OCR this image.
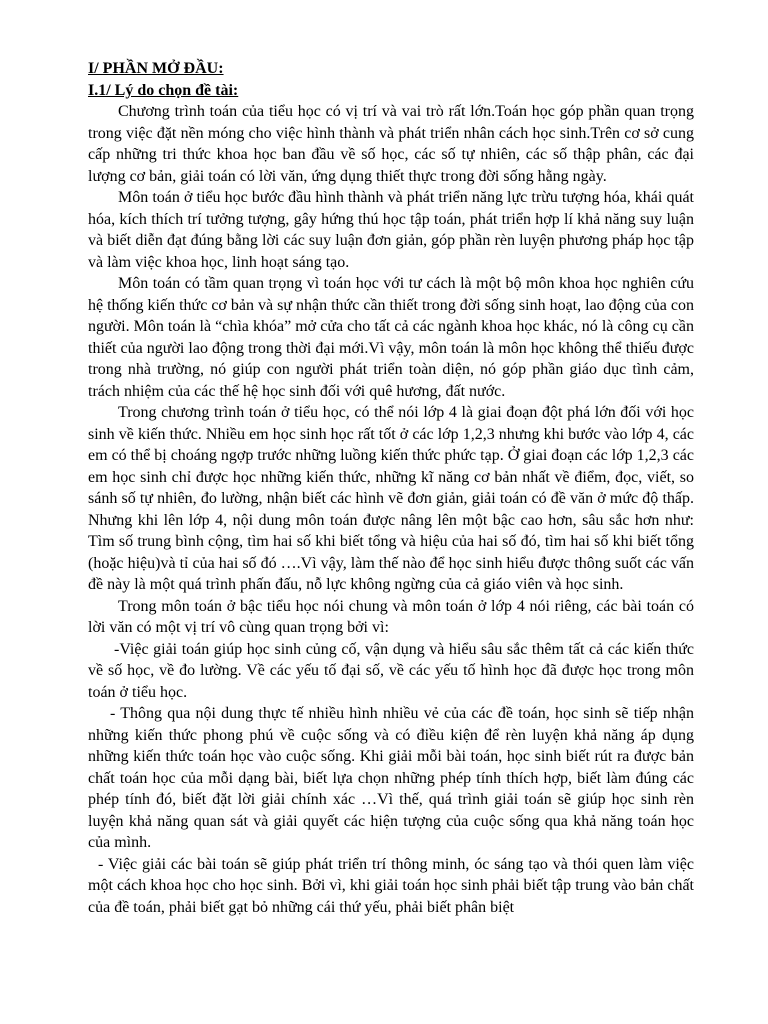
I/ PHẦN MỞ ĐẦU:

I.1/ Lý do chọn đề tài:

Chương trình toán của tiểu học có vị trí và vai trò rất lớn.Toán học góp phần quan trọng trong việc đặt nền móng cho việc hình thành và phát triển nhân cách học sinh.Trên cơ sở cung cấp những tri thức khoa học ban đầu về số học, các số tự nhiên, các số thập phân, các đại lượng cơ bản, giải toán có lời văn, ứng dụng thiết thực trong đời sống hằng ngày.

Môn toán ở tiểu học bước đầu hình thành và phát triển năng lực trừu tượng hóa, khái quát hóa, kích thích trí tưởng tượng, gây hứng thú học tập toán, phát triển hợp lí khả năng suy luận và biết diễn đạt đúng bằng lời các suy luận đơn giản, góp phần rèn luyện phương pháp học tập và làm việc khoa học, linh hoạt sáng tạo.

Môn toán có tầm quan trọng vì toán học với tư cách là một bộ môn khoa học nghiên cứu hệ thống kiến thức cơ bản và sự nhận thức cần thiết trong đời sống sinh hoạt, lao động của con người. Môn toán là “chìa khóa” mở cửa cho tất cả các ngành khoa học khác, nó là công cụ cần thiết của người lao động trong thời đại mới.Vì vậy, môn toán là môn học không thể thiếu được trong nhà trường, nó giúp con người phát triển toàn diện, nó góp phần giáo dục tình cảm, trách nhiệm của các thế hệ học sinh đối với quê hương, đất nước.

Trong chương trình toán ở tiểu học, có thể nói lớp 4 là giai đoạn đột phá lớn đối với học sinh về kiến thức. Nhiều em học sinh học rất tốt ở các lớp 1,2,3 nhưng khi bước vào lớp 4, các em có thể bị choáng ngợp trước những luồng kiến thức phức tạp. Ở giai đoạn các lớp 1,2,3 các em học sinh chỉ được học những kiến thức, những kĩ năng cơ bản nhất về điểm, đọc, viết, so sánh số tự nhiên, đo lường, nhận biết các hình vẽ đơn giản, giải toán có đề văn ở mức độ thấp. Nhưng khi lên lớp 4, nội dung môn toán được nâng lên một bậc cao hơn, sâu sắc hơn như: Tìm số trung bình cộng, tìm hai số khi biết tổng và hiệu của hai số đó, tìm hai số khi biết tổng (hoặc hiệu)và tỉ của hai số đó ….Vì vậy, làm thế nào để học sinh hiểu được thông suốt các vấn đề này là một quá trình phấn đấu, nỗ lực không ngừng của cả giáo viên và học sinh.

Trong môn toán ở bậc tiểu học nói chung và môn toán ở lớp 4 nói riêng, các bài toán có lời văn có một vị trí vô cùng quan trọng bởi vì:

-Việc giải toán giúp học sinh củng cố, vận dụng và hiểu sâu sắc thêm tất cả các kiến thức về số học, về đo lường. Về các yếu tố đại số, về các yếu tố hình học đã được học trong môn toán ở tiểu học.

- Thông qua nội dung thực tế nhiều hình nhiều vẻ của các đề toán, học sinh sẽ tiếp nhận những kiến thức phong phú về cuộc sống và có điều kiện để rèn luyện khả năng áp dụng những kiến thức toán học vào cuộc sống. Khi giải mỗi bài toán, học sinh biết rút ra được bản chất toán học của mỗi dạng bài, biết lựa chọn những phép tính thích hợp, biết làm đúng các phép tính đó, biết đặt lời giải chính xác …Vì thế, quá trình giải toán sẽ giúp học sinh rèn luyện khả năng quan sát và giải quyết các hiện tượng của cuộc sống qua khả năng toán học của mình.

- Việc giải các bài toán sẽ giúp phát triển trí thông minh, óc sáng tạo và thói quen làm việc một cách khoa học cho học sinh. Bởi vì, khi giải toán học sinh phải biết tập trung vào bản chất của đề toán, phải biết gạt bỏ những cái thứ yếu, phải biết phân biệt
